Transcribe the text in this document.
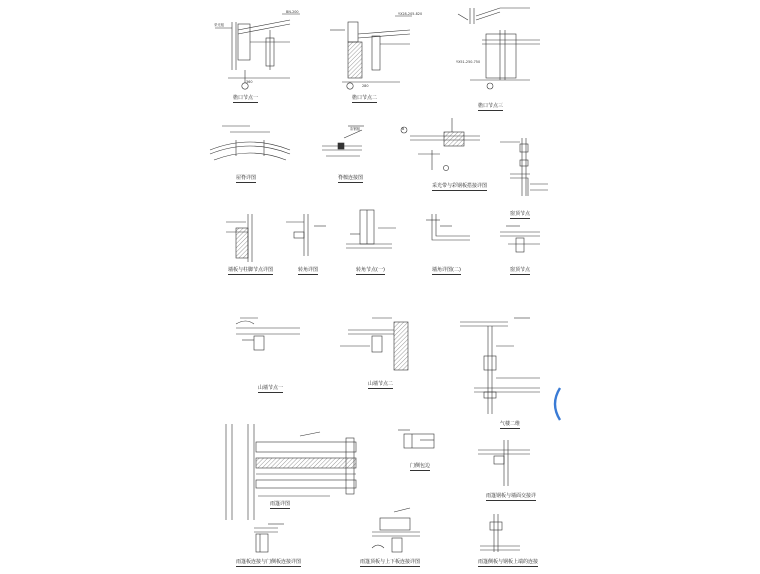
檐口节点一	檐口节点二
檐口节点三
屋脊详图	脊檩连接图
采光带与彩钢板搭接详图
窗顶节点
墙板与柱脚节点详图	转角详图	转角节点(一)	墙角详图(二)	窗顶节点
山墙节点一
山墙节点二
气楼二维
雨篷详图
门侧包边
雨篷钢板与墙面交接详
雨篷板连接与门侧板连接详图	雨篷顶板与上下板连接详图	雨篷侧板与钢板上端的连接
采光板
BN-200	YX28-205-820
YX51-250-750
360
280
B
彩钢板
